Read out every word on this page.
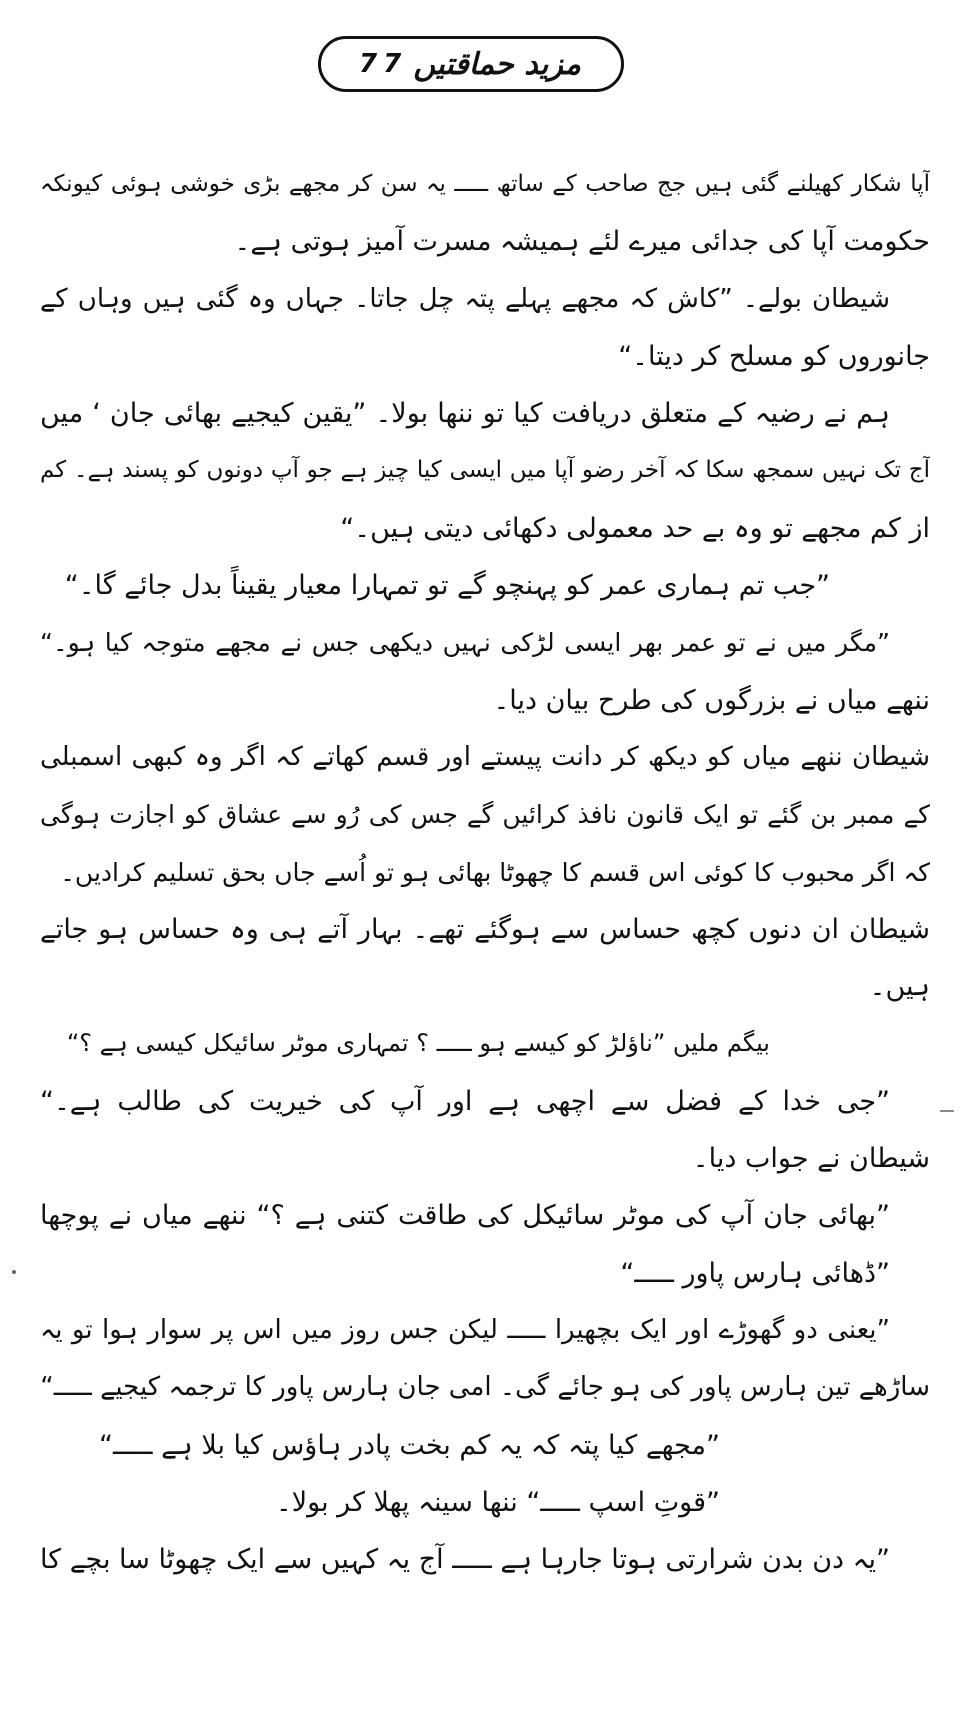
77 مزید حماقتیں
آپا شکار کھیلنے گئی ہیں جج صاحب کے ساتھ ـــــ یہ سن کر مجھے بڑی خوشی ہوئی کیونکہ
حکومت آپا کی جدائی میرے لئے ہمیشہ مسرت آمیز ہوتی ہے۔
شیطان بولے۔ ”کاش کہ مجھے پہلے پتہ چل جاتا۔ جہاں وہ گئی ہیں وہاں کے
جانوروں کو مسلح کر دیتا۔“
ہم نے رضیہ کے متعلق دریافت کیا تو ننھا بولا۔ ”یقین کیجیے بھائی جان ‘ میں
آج تک نہیں سمجھ سکا کہ آخر رضو آپا میں ایسی کیا چیز ہے جو آپ دونوں کو پسند ہے۔ کم
از کم مجھے تو وہ بے حد معمولی دکھائی دیتی ہیں۔“
”جب تم ہماری عمر کو پہنچو گے تو تمہارا معیار یقیناً بدل جائے گا۔“
”مگر میں نے تو عمر بھر ایسی لڑکی نہیں دیکھی جس نے مجھے متوجہ کیا ہو۔“
ننھے میاں نے بزرگوں کی طرح بیان دیا۔
شیطان ننھے میاں کو دیکھ کر دانت پیستے اور قسم کھاتے کہ اگر وہ کبھی اسمبلی
کے ممبر بن گئے تو ایک قانون نافذ کرائیں گے جس کی رُو سے عشاق کو اجازت ہوگی
کہ اگر محبوب کا کوئی اس قسم کا چھوٹا بھائی ہو تو اُسے جاں بحق تسلیم کرادیں۔
شیطان ان دنوں کچھ حساس سے ہوگئے تھے۔ بہار آتے ہی وہ حساس ہو جاتے
ہیں۔
بیگم ملیں ”ناؤلڑ کو کیسے ہو ـــــ ؟ تمہاری موٹر سائیکل کیسی ہے ؟“
”جی خدا کے فضل سے اچھی ہے اور آپ کی خیریت کی طالب ہے۔“
شیطان نے جواب دیا۔
”بھائی جان آپ کی موٹر سائیکل کی طاقت کتنی ہے ؟“ ننھے میاں نے پوچھا
”ڈھائی ہارس پاور ـــــ“
”یعنی دو گھوڑے اور ایک بچھیرا ـــــ لیکن جس روز میں اس پر سوار ہوا تو یہ
ساڑھے تین ہارس پاور کی ہو جائے گی۔ امی جان ہارس پاور کا ترجمہ کیجیے ـــــ“
”مجھے کیا پتہ کہ یہ کم بخت پادر ہاؤس کیا بلا ہے ـــــ“
”قوتِ اسپ ـــــ“ ننھا سینہ پھلا کر بولا۔
”یہ دن بدن شرارتی ہوتا جارہا ہے ـــــ آج یہ کہیں سے ایک چھوٹا سا بچے کا
